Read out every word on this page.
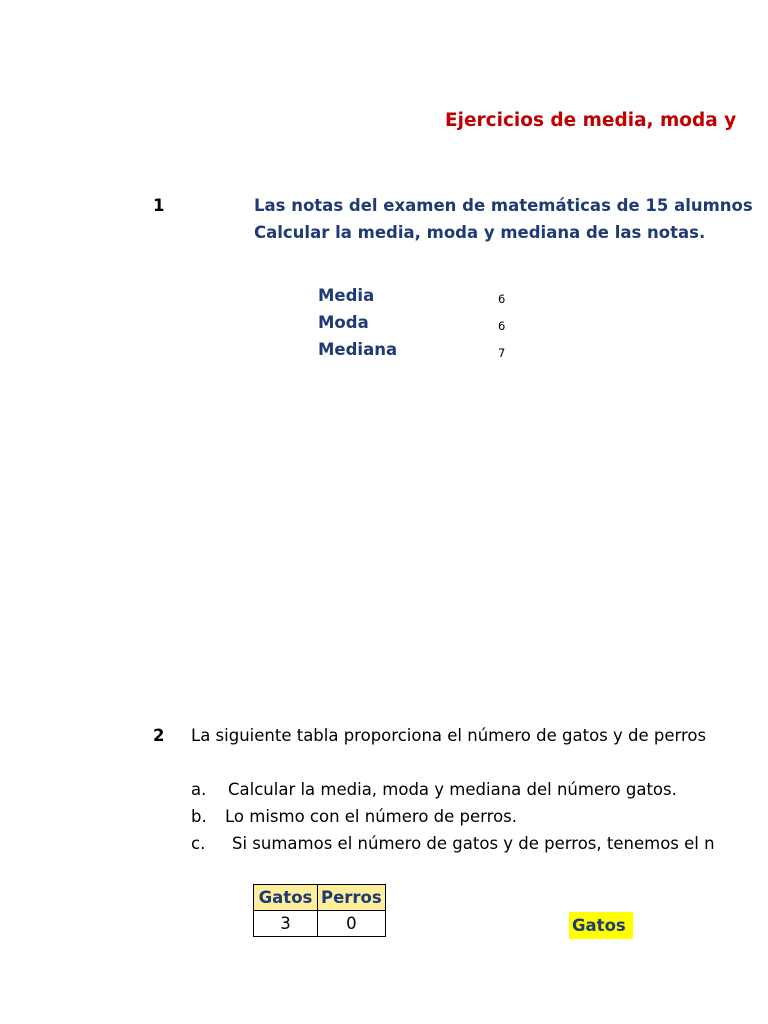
Ejercicios de media, moda y
1	Las notas del examen de matemáticas de 15 alumnos
Calcular la media, moda y mediana de las notas.
Media	6
Moda	6
Mediana	7
2 La siguiente tabla proporciona el número de gatos y de perros
a. Calcular la media, moda y mediana del número gatos.
b. Lo mismo con el número de perros.
c. Si sumamos el número de gatos y de perros, tenemos el n
Gatos	Perros
3	0	Gatos
